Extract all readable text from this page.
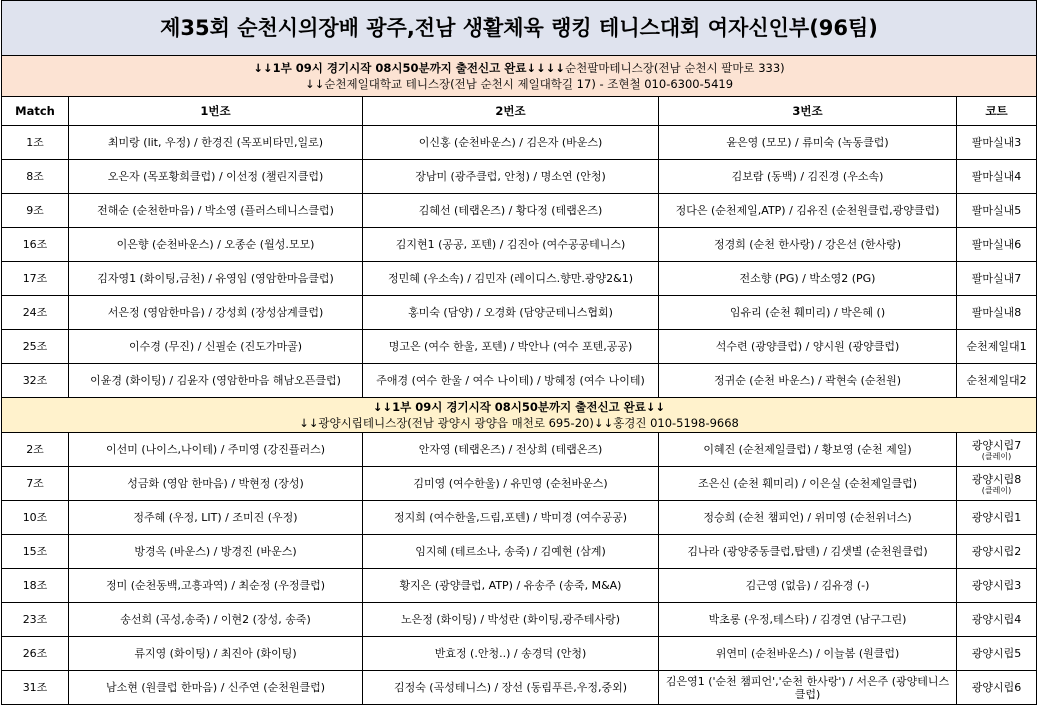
제35회 순천시의장배 광주,전남 생활체육 랭킹 테니스대회 여자신인부(96팀)				

↓↓1부 09시 경기시작 08시50분까지 출전신고 완료↓↓↓↓순천팔마테니스장(전남 순천시 팔마로 333)
↓↓순천제일대학교 테니스장(전남 순천시 제일대학길 17) - 조현철 010-6300-5419				

Match	1번조	2번조	3번조	코트
1조	최미랑 (lit, 우정) / 한경진 (목포비타민,일로)	이신홍 (순천바운스) / 김은자 (바운스)	윤은영 (모모) / 류미숙 (녹동클럽)	팔마실내3

8조	오은자 (목포황희클럽) / 이선정 (챌린지클럽)	장남미 (광주클럽, 안청) / 명소연 (안청)	김보람 (동백) / 김진경 (우소속)	팔마실내4

9조	전해순 (순천한마음) / 박소영 (플러스테니스클럽)	김혜선 (테랩온즈) / 황다정 (테랩온즈)	정다은 (순천제일,ATP) / 김유진 (순천원클럽,광양클럽)	팔마실내5

16조	이은향 (순천바운스) / 오종순 (월성.모모)	김지현1 (공공, 포텐) / 김진아 (여수공공테니스)	정경희 (순천 한사랑) / 강은선 (한사랑)	팔마실내6

17조	김자영1 (화이팅,금천) / 유영임 (영암한마음클럽)	정민혜 (우소속) / 김민자 (레이디스.향만.광양2&1)	전소향 (PG) / 박소영2 (PG)	팔마실내7

24조	서은정 (영암한마음) / 강성희 (장성삼계클럽)	홍미숙 (담양) / 오경화 (담양군테니스협회)	임유리 (순천 훼미리) / 박은혜 ()	팔마실내8

25조	이수경 (무진) / 신필순 (진도가마골)	명고은 (여수 한울, 포텐) / 박안나 (여수 포텐,공공)	석수련 (광양클럽) / 양시원 (광양클럽)	순천제일대1

32조	이윤경 (화이팅) / 김윤자 (영암한마음 해남오픈클럽)	주애경 (여수 한울 / 여수 나이테) / 방혜정 (여수 나이테)	정귀순 (순천 바운스) / 곽현숙 (순천원)	순천제일대2

↓↓1부 09시 경기시작 08시50분까지 출전신고 완료↓↓
↓↓광양시립테니스장(전남 광양시 광양읍 매천로 695-20)↓↓홍경진 010-5198-9668				

2조	이선미 (나이스,나이테) / 주미영 (강진플러스)	안자영 (테랩온즈) / 전상희 (테랩온즈)	이혜진 (순천제일클럽) / 황보영 (순천 제일)	광양시립7
(클레이)

7조	성금화 (영암 한마음) / 박현정 (장성)	김미영 (여수한울) / 유민영 (순천바운스)	조은신 (순천 훼미리) / 이은실 (순천제일클럽)	광양시립8
(클레이)

10조	정주혜 (우정, LIT) / 조미진 (우정)	정지희 (여수한울,드림,포텐) / 박미경 (여수공공)	정승희 (순천 챔피언) / 위미영 (순천위너스)	광양시립1

15조	방경옥 (바운스) / 방경진 (바운스)	임지혜 (테르소나, 송죽) / 김예현 (삼계)	김나라 (광양중동클럽,탑텐) / 김샛별 (순천원클럽)	광양시립2

18조	정미 (순천동백,고흥과역) / 최순정 (우정클럽)	황지은 (광양클럽, ATP) / 유송주 (송죽, M&A)	김근영 (없음) / 김유경 (-)	광양시립3

23조	송선희 (곡성,송죽) / 이현2 (장성, 송죽)	노은정 (화이팅) / 박성란 (화이팅,광주테사랑)	박초롱 (우정,테스타) / 김경연 (남구그린)	광양시립4

26조	류지영 (화이팅) / 최진아 (화이팅)	반효정 (.안청..) / 송경덕 (안청)	위연미 (순천바운스) / 이늘봄 (원클럽)	광양시립5

31조	남소현 (원클럽 한마음) / 신주연 (순천원클럽)	김정숙 (곡성테니스) / 장선 (동림푸른,우정,중외)	김은영1 ('순천 챔피언','순천 한사랑') / 서은주 (광양테니스클럽)	광양시립6
